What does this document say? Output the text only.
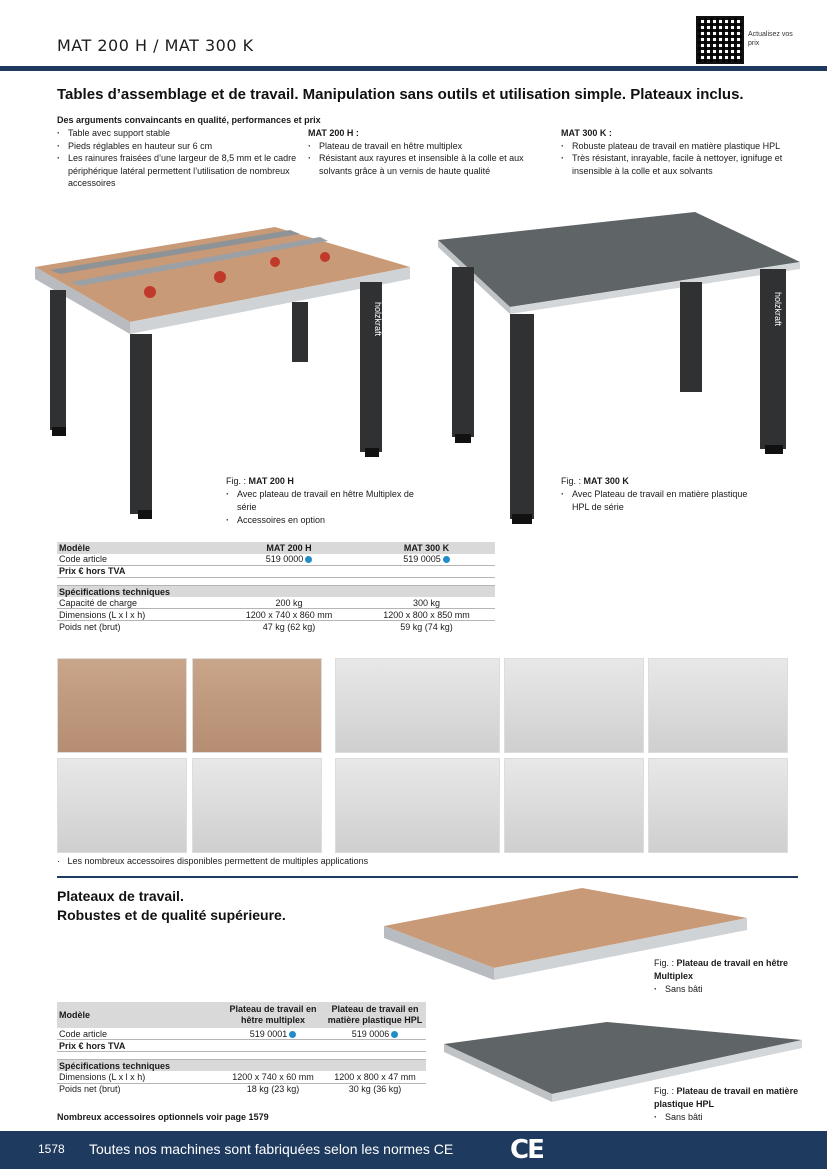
MAT 200 H / MAT 300 K
Actualisez vos prix
Tables d’assemblage et de travail. Manipulation sans outils et utilisation simple. Plateaux inclus.
Des arguments convaincants en qualité, performances et prix
· Table avec support stable
· Pieds réglables en hauteur sur 6 cm
· Les rainures fraisées d’une largeur de 8,5 mm et le cadre périphérique latéral permettent l’utilisation de nombreux accessoires
MAT 200 H :
· Plateau de travail en hêtre multiplex
· Résistant aux rayures et insensible à la colle et aux solvants grâce à un vernis de haute qualité
MAT 300 K :
· Robuste plateau de travail en matière plastique HPL
· Très résistant, inrayable, facile à nettoyer, ignifuge et insensible à la colle et aux solvants
holzkraft	holzkraft
Fig. : MAT 200 H
· Avec plateau de travail en hêtre Multiplex de série
· Accessoires en option
Fig. : MAT 300 K
· Avec Plateau de travail en matière plastique HPL de série
Modèle	MAT 200 H	MAT 300 K
Code article	519 0000	519 0005
Prix € hors TVA		

Spécifications techniques		
Capacité de charge	200 kg	300 kg
Dimensions (L x l x h)	1200 x 740 x 860 mm	1200 x 800 x 850 mm
Poids net (brut)	47 kg (62 kg)	59 kg (74 kg)
·   Les nombreux accessoires disponibles permettent de multiples applications
Plateaux de travail.
Robustes et de qualité supérieure.
Fig. : Plateau de travail en hêtre Multiplex
· Sans bâti
Fig. : Plateau de travail en matière plastique HPL
· Sans bâti
Modèle	Plateau de travail en hêtre multiplex	Plateau de travail en matière plastique HPL
Code article	519 0001	519 0006
Prix € hors TVA		

Spécifications techniques		
Dimensions (L x l x h)	1200 x 740 x 60 mm	1200 x 800 x 47 mm
Poids net (brut)	18 kg (23 kg)	30 kg (36 kg)
Nombreux accessoires optionnels voir page 1579
1578 Toutes nos machines sont fabriquées selon les normes CE CE
